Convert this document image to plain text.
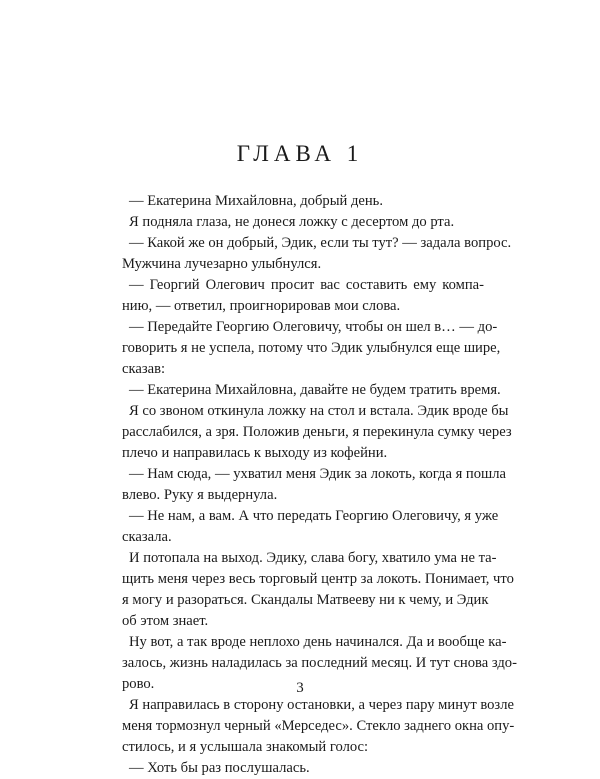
ГЛАВА 1
— Екатерина Михайловна, добрый день.
Я подняла глаза, не донеся ложку с десертом до рта.
— Какой же он добрый, Эдик, если ты тут? — задала вопрос.
Мужчина лучезарно улыбнулся.
— Георгий Олегович просит вас составить ему компа-
нию, — ответил, проигнорировав мои слова.
— Передайте Георгию Олеговичу, чтобы он шел в… — до-
говорить я не успела, потому что Эдик улыбнулся еще шире,
сказав:
— Екатерина Михайловна, давайте не будем тратить время.
Я со звоном откинула ложку на стол и встала. Эдик вроде бы
расслабился, а зря. Положив деньги, я перекинула сумку через
плечо и направилась к выходу из кофейни.
— Нам сюда, — ухватил меня Эдик за локоть, когда я пошла
влево. Руку я выдернула.
— Не нам, а вам. А что передать Георгию Олеговичу, я уже
сказала.
И потопала на выход. Эдику, слава богу, хватило ума не та-
щить меня через весь торговый центр за локоть. Понимает, что
я могу и разораться. Скандалы Матвееву ни к чему, и Эдик
об этом знает.
Ну вот, а так вроде неплохо день начинался. Да и вообще ка-
залось, жизнь наладилась за последний месяц. И тут снова здо-
рово.
Я направилась в сторону остановки, а через пару минут возле
меня тормознул черный «Мерседес». Стекло заднего окна опу-
стилось, и я услышала знакомый голос:
— Хоть бы раз послушалась.
3
